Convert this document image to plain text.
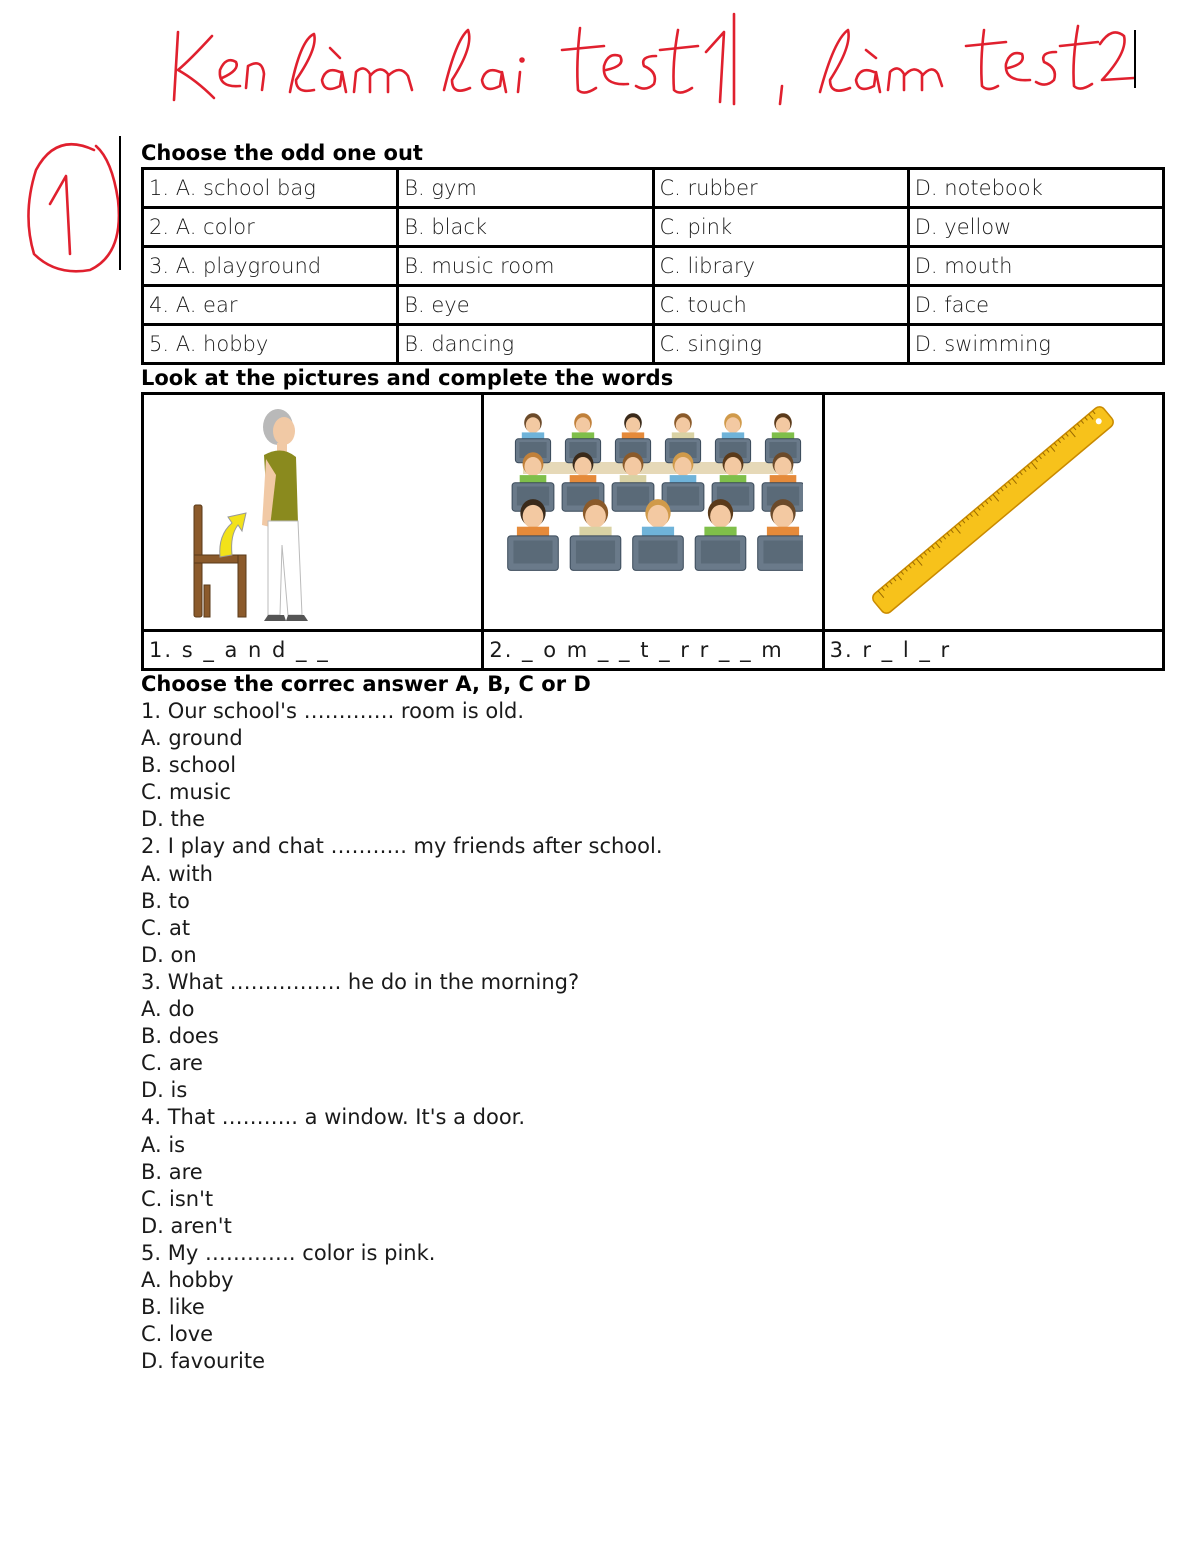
Choose the odd one out
1. A. school bag	B. gym	C. rubber	D. notebook
2. A. color	B. black	C. pink	D. yellow
3. A. playground	B. music room	C. library	D. mouth
4. A. ear	B. eye	C. touch	D. face
5. A. hobby	B. dancing	C. singing	D. swimming
Look at the pictures and complete the words

1. s _ a n d _ _	2. _ o m _ _ t _ r r _ _ m	3. r _ l _ r
Choose the correc answer A, B, C or D
1. Our school's …………. room is old.
A. ground
B. school
C. music
D. the
2. I play and chat ……….. my friends after school.
A. with
B. to
C. at
D. on
3. What ……………. he do in the morning?
A. do
B. does
C. are
D. is
4. That ……….. a window. It's a door.
A. is
B. are
C. isn't
D. aren't
5. My …………. color is pink.
A. hobby
B. like
C. love
D. favourite
